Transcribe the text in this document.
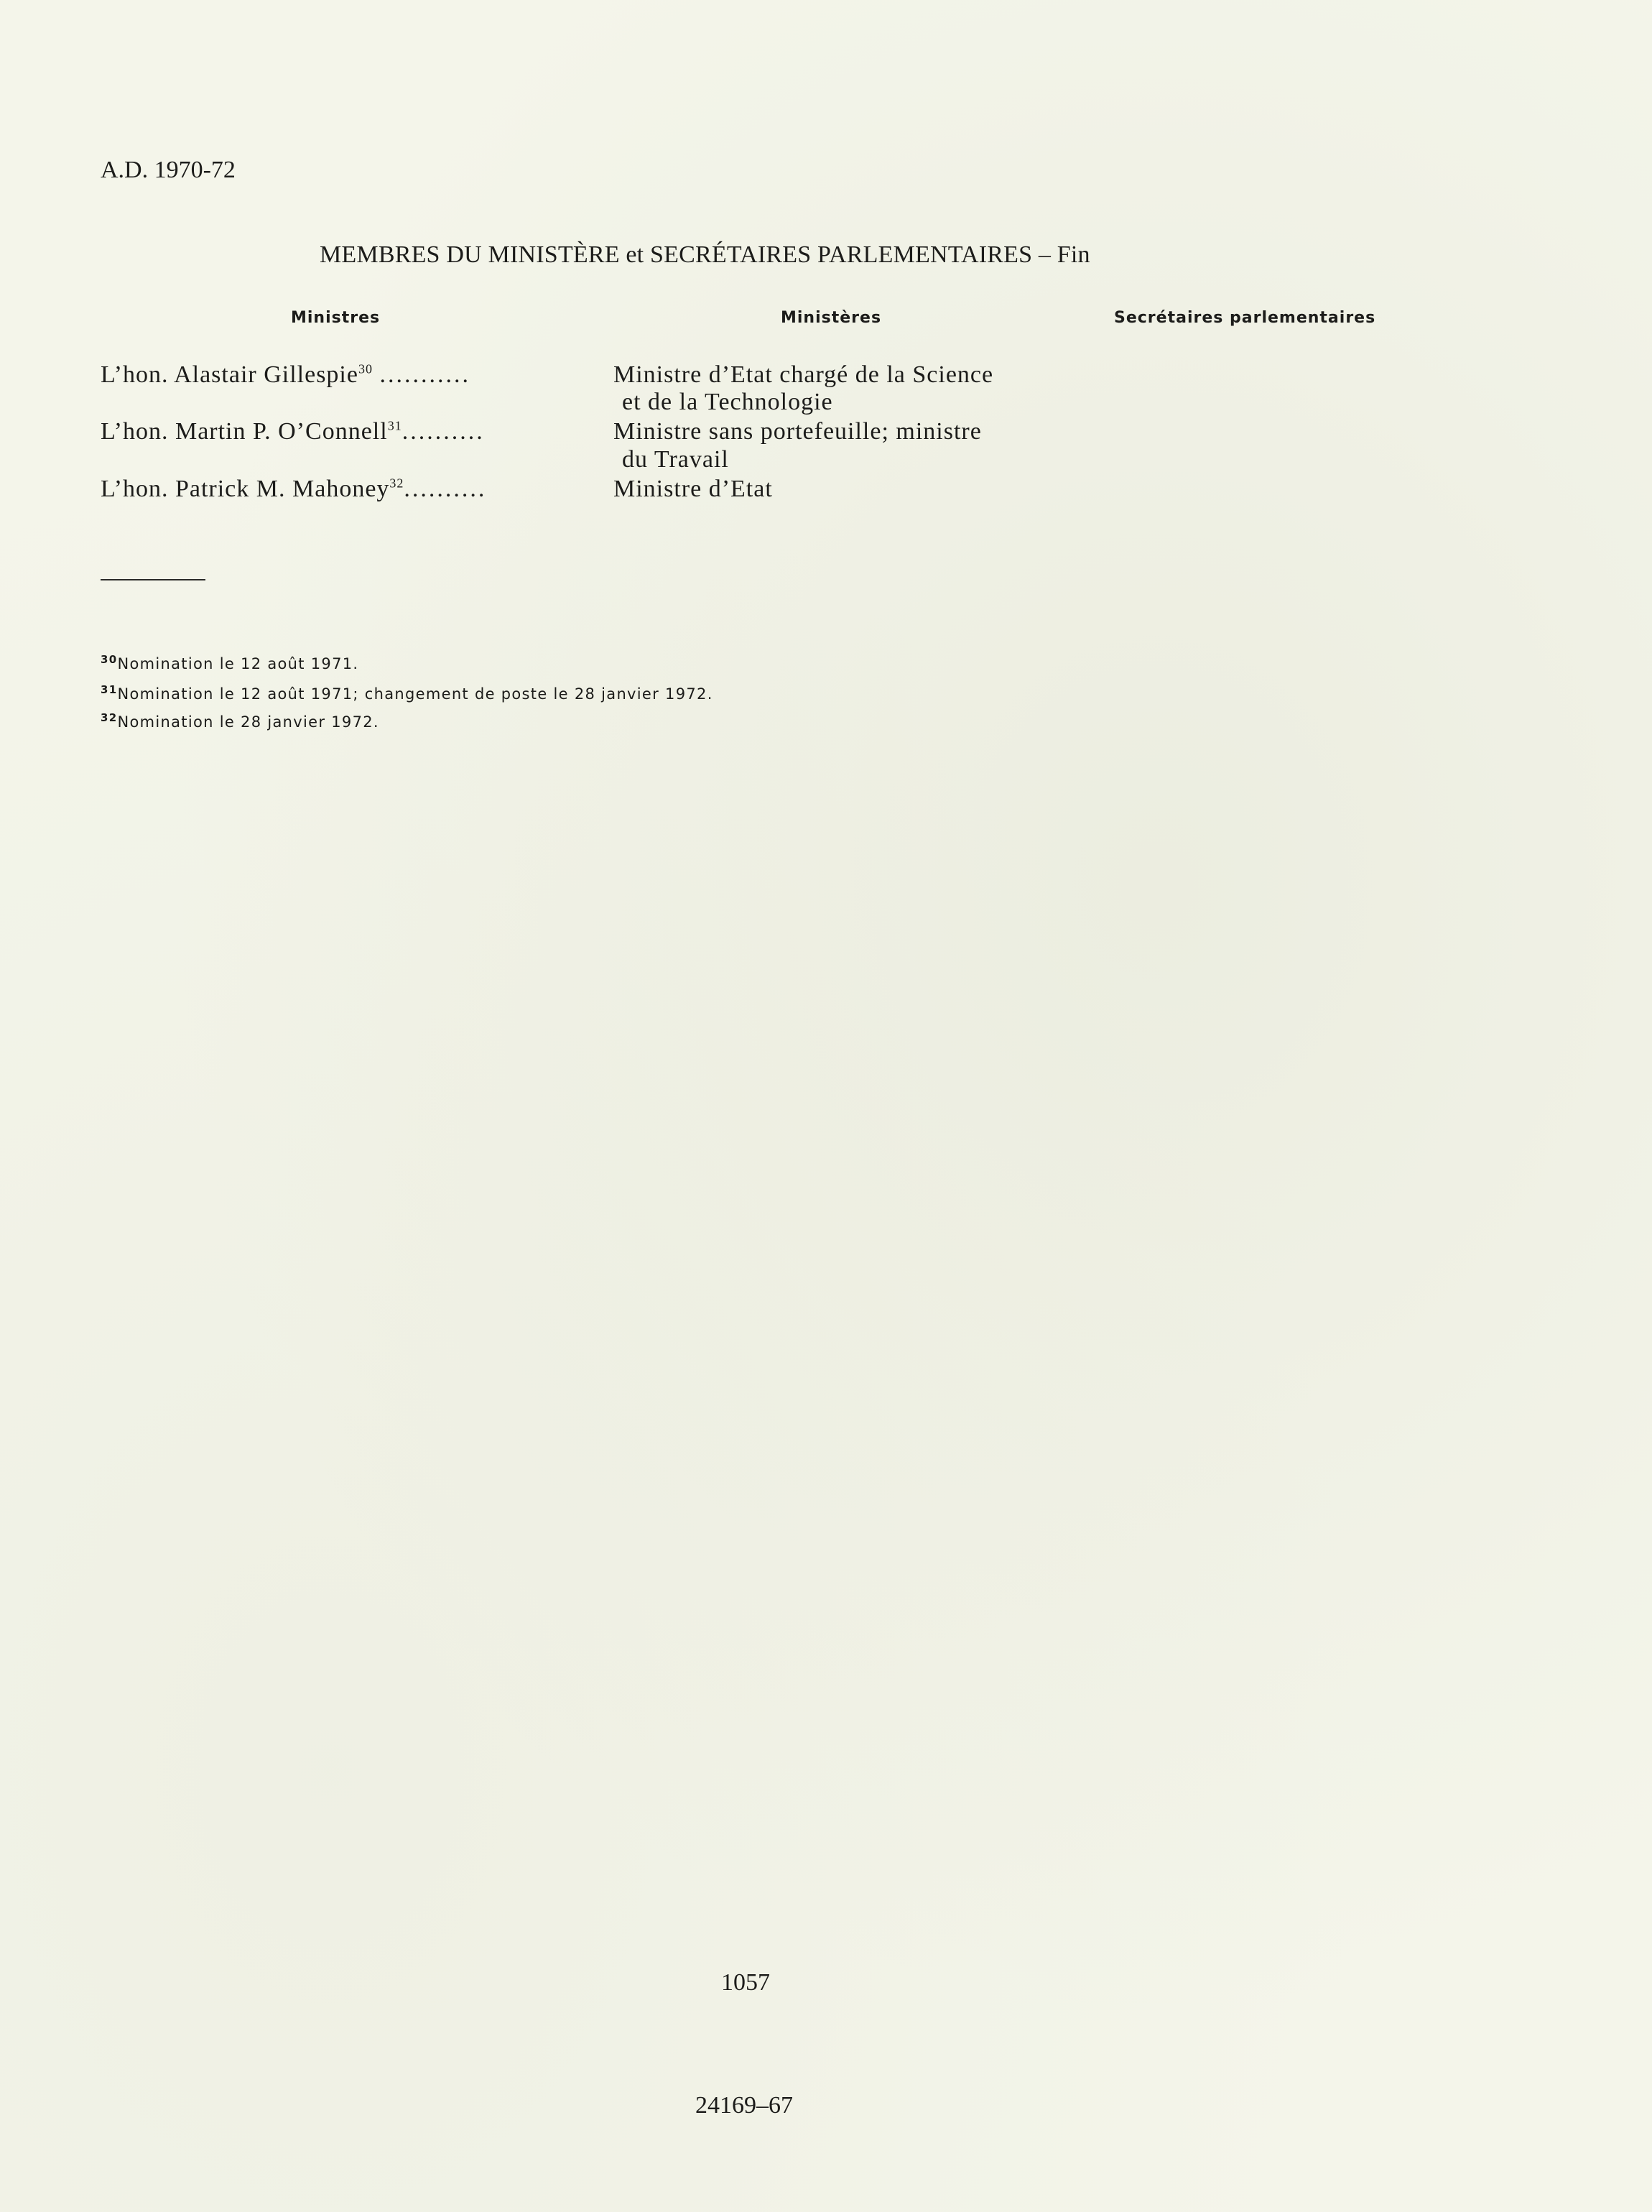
A.D. 1970-72
MEMBRES DU MINISTÈRE et SECRÉTAIRES PARLEMENTAIRES – Fin
Ministres	Ministères	Secrétaires parlementaires
L’hon. Alastair Gillespie$^{30}$ ...........	Ministre d’Etat chargé de la Science
et de la Technologie
L’hon. Martin P. O’Connell$^{31}$..........	Ministre sans portefeuille; ministre
du Travail
L’hon. Patrick M. Mahoney$^{32}$..........	Ministre d’Etat
$^{30}$Nomination le 12 août 1971.
$^{31}$Nomination le 12 août 1971; changement de poste le 28 janvier 1972.
$^{32}$Nomination le 28 janvier 1972.
1057
24169–67
